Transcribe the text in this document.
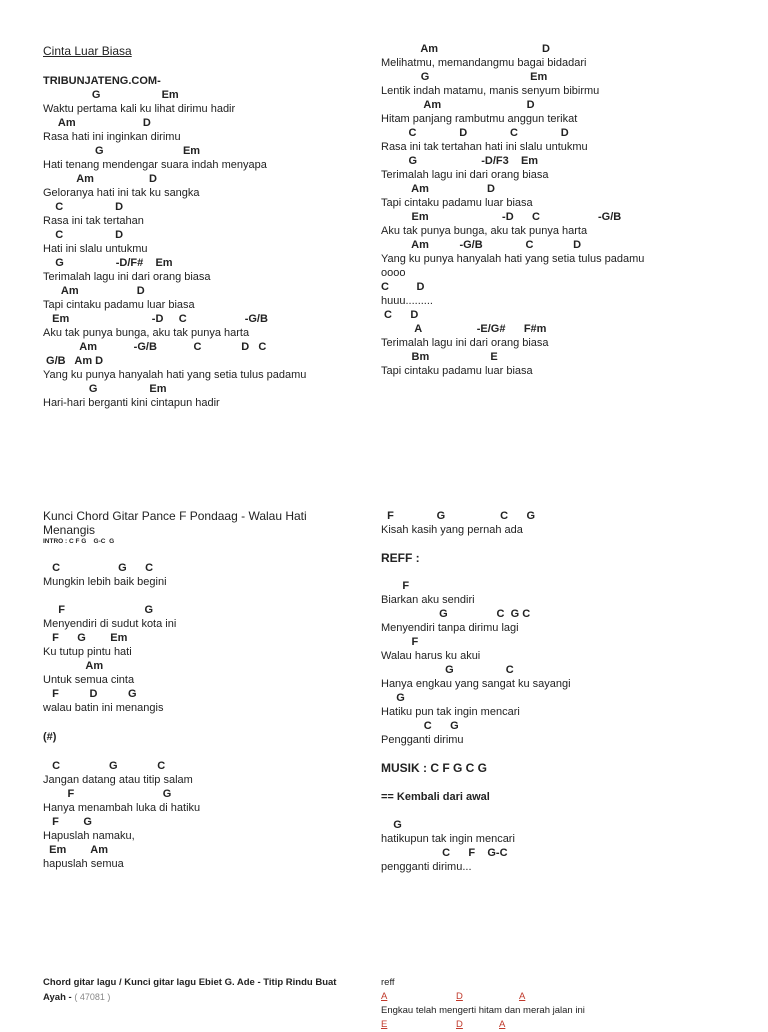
Cinta Luar Biasa
TRIBUNJATENG.COM-
G                    Em
Waktu pertama kali ku lihat dirimu hadir
Am                      D
Rasa hati ini inginkan dirimu
G                          Em
Hati tenang mendengar suara indah menyapa
Am                  D
Geloranya hati ini tak ku sangka
C                 D
Rasa ini tak tertahan
C                 D
Hati ini slalu untukmu
G                 -D/F#    Em
Terimalah lagu ini dari orang biasa
Am                   D
Tapi cintaku padamu luar biasa
Em                           -D     C                   -G/B
Aku tak punya bunga, aku tak punya harta
Am            -G/B            C             D   C
G/B   Am D
Yang ku punya hanyalah hati yang setia tulus padamu
G                 Em
Hari-hari berganti kini cintapun hadir
Am                                  D
Melihatmu, memandangmu bagai bidadari
G                                 Em
Lentik indah matamu, manis senyum bibirmu
Am                            D
Hitam panjang rambutmu anggun terikat
C              D              C              D
Rasa ini tak tertahan hati ini slalu untukmu
G                     -D/F3    Em
Terimalah lagu ini dari orang biasa
Am                   D
Tapi cintaku padamu luar biasa
Em                        -D      C                   -G/B
Aku tak punya bunga, aku tak punya harta
Am          -G/B              C             D
Yang ku punya hanyalah hati yang setia tulus padamu
oooo
C         D
huuu.........
C      D
A                  -E/G#      F#m
Terimalah lagu ini dari orang biasa
Bm                    E
Tapi cintaku padamu luar biasa
Kunci Chord Gitar Pance F Pondaag - Walau Hati Menangis
INTRO : C F G    G-C  G
C                   G      C
Mungkin lebih baik begini
F                          G
Menyendiri di sudut kota ini
F      G        Em
Ku tutup pintu hati
Am
Untuk semua cinta
F          D          G
walau batin ini menangis
(#)
C                G             C
Jangan datang atau titip salam
F                             G
Hanya menambah luka di hatiku
F        G
Hapuslah namaku,
Em        Am
hapuslah semua
F              G                  C      G
Kisah kasih yang pernah ada
REFF :
F
Biarkan aku sendiri
G                C  G C
Menyendiri tanpa dirimu lagi
F
Walau harus ku akui
G                 C
Hanya engkau yang sangat ku sayangi
G
Hatiku pun tak ingin mencari
C      G
Pengganti dirimu
MUSIK : C F G C G
== Kembali dari awal
G
hatikupun tak ingin mencari
C      F    G-C
pengganti dirimu...
Chord gitar lagu / Kunci gitar lagu Ebiet G. Ade - Titip Rindu Buat Ayah - ( 47081 )
reff
A	D	A
Engkau telah mengerti hitam dan merah jalan ini
E	D	A
